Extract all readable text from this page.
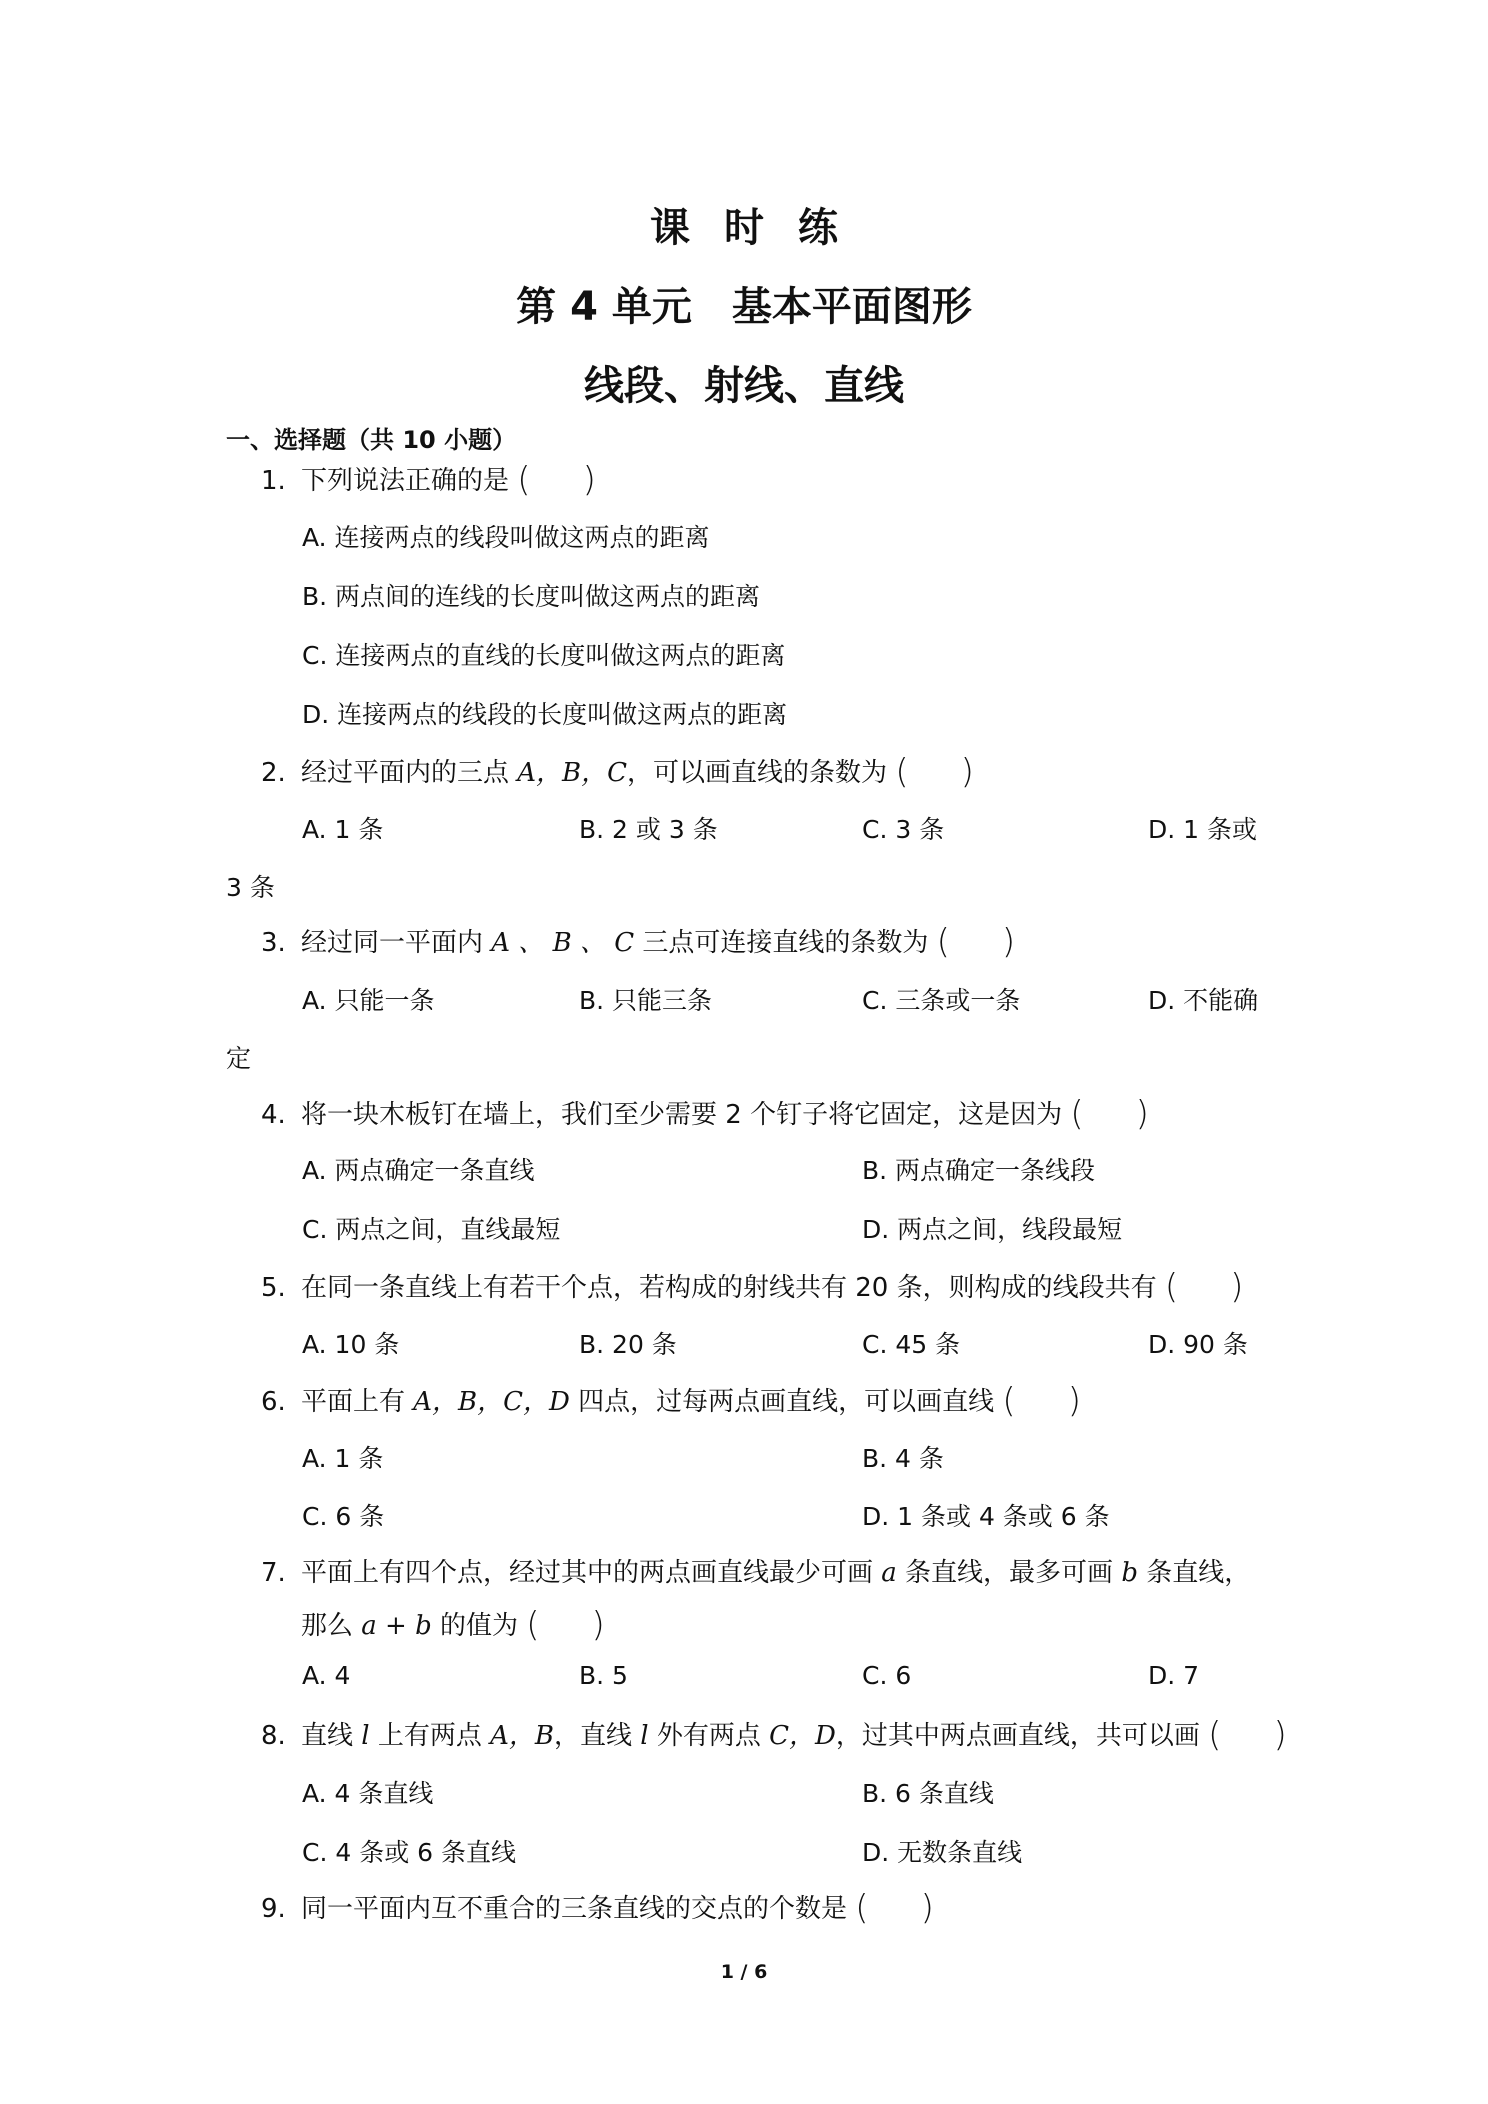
课时练
第 4 单元　基本平面图形
线段、射线、直线
一、选择题（共 10 小题）
1. 下列说法正确的是 (　　 )
A. 连接两点的线段叫做这两点的距离
B. 两点间的连线的长度叫做这两点的距离
C. 连接两点的直线的长度叫做这两点的距离
D. 连接两点的线段的长度叫做这两点的距离
2. 经过平面内的三点 A，B，C，可以画直线的条数为 (　　 )
A. 1 条	B. 2 或 3 条	C. 3 条	D. 1 条或
3 条
3. 经过同一平面内 A 、 B 、 C 三点可连接直线的条数为 (　　 )
A. 只能一条	B. 只能三条	C. 三条或一条	D. 不能确
定
4. 将一块木板钉在墙上，我们至少需要 2 个钉子将它固定，这是因为 (　　 )
A. 两点确定一条直线	B. 两点确定一条线段
C. 两点之间，直线最短	D. 两点之间，线段最短
5. 在同一条直线上有若干个点，若构成的射线共有 20 条，则构成的线段共有 (　　 )
A. 10 条	B. 20 条	C. 45 条	D. 90 条
6. 平面上有 A，B，C，D 四点，过每两点画直线，可以画直线 (　　 )
A. 1 条	B. 4 条
C. 6 条	D. 1 条或 4 条或 6 条
7. 平面上有四个点，经过其中的两点画直线最少可画 a 条直线，最多可画 b 条直线，
那么 a + b 的值为 (　　 )
A. 4	B. 5	C. 6	D. 7
8. 直线 l 上有两点 A，B，直线 l 外有两点 C，D，过其中两点画直线，共可以画 (　　 )
A. 4 条直线	B. 6 条直线
C. 4 条或 6 条直线	D. 无数条直线
9. 同一平面内互不重合的三条直线的交点的个数是 (　　 )
1 / 6
